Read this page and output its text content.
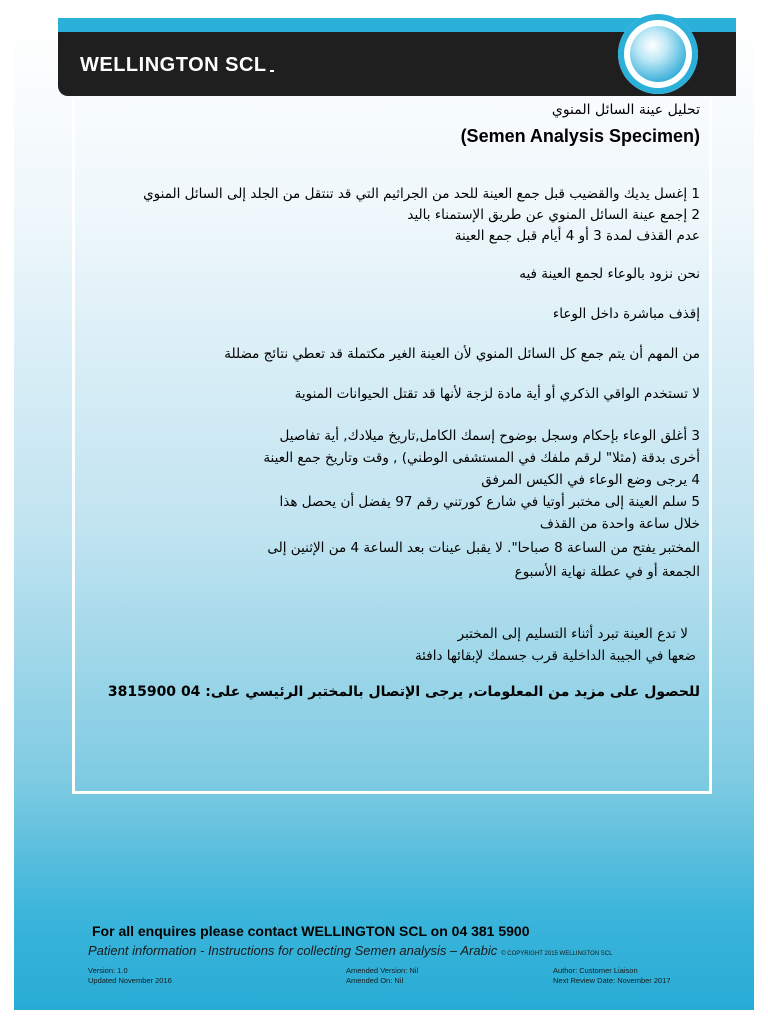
WELLINGTON SCL
تحليل عينة السائل المنوي
(Semen Analysis Specimen)
1 إغسل يديك والقضيب قبل جمع العينة للحد من الجراثيم التي قد تنتقل من الجلد إلى السائل المنوي
2 إجمع عينة السائل المنوي عن طريق الإستمناء باليد
عدم القذف لمدة 3 أو 4 أيام قبل جمع العينة
نحن نزود بالوعاء لجمع العينة فيه
إقذف مباشرة داخل الوعاء
من المهم أن يتم جمع كل السائل المنوي لأن العينة الغير مكتملة قد تعطي نتائج مضللة
لا تستخدم الواقي الذكري أو أية مادة لزجة لأنها قد تقتل الحيوانات المنوية
3 أغلق الوعاء بإحكام وسجل بوضوح إسمك الكامل,تاريخ ميلادك, أية تفاصيل
أخرى بدقة (مثلا" لرقم ملفك في المستشفى الوطني) , وقت وتاريخ جمع العينة
4 يرجى وضع الوعاء في الكيس المرفق
5 سلم العينة إلى مختبر أوتيا في شارع كورتني رقم 97 يفضل أن يحصل هذا
خلال ساعة واحدة من القذف
المختبر يفتح من الساعة 8 صباحا". لا يقبل عينات بعد الساعة 4 من الإثنين إلى
الجمعة أو في عطلة نهاية الأسبوع
لا تدع العينة تبرد أثناء التسليم إلى المختبر
ضعها في الجيبة الداخلية قرب جسمك لإبقائها دافئة
للحصول على مزيد من المعلومات, يرجى الإتصال بالمختبر الرئيسي على: 04 3815900
For all enquires please contact WELLINGTON SCL on 04 381 5900
Patient information - Instructions for collecting Semen analysis – Arabic © COPYRIGHT 2015 WELLINGTON SCL
Version: 1.0
Updated November 2016
Amended Version: Nil
Amended On: Nil
Author: Customer Liaison
Next Review Date: November 2017
